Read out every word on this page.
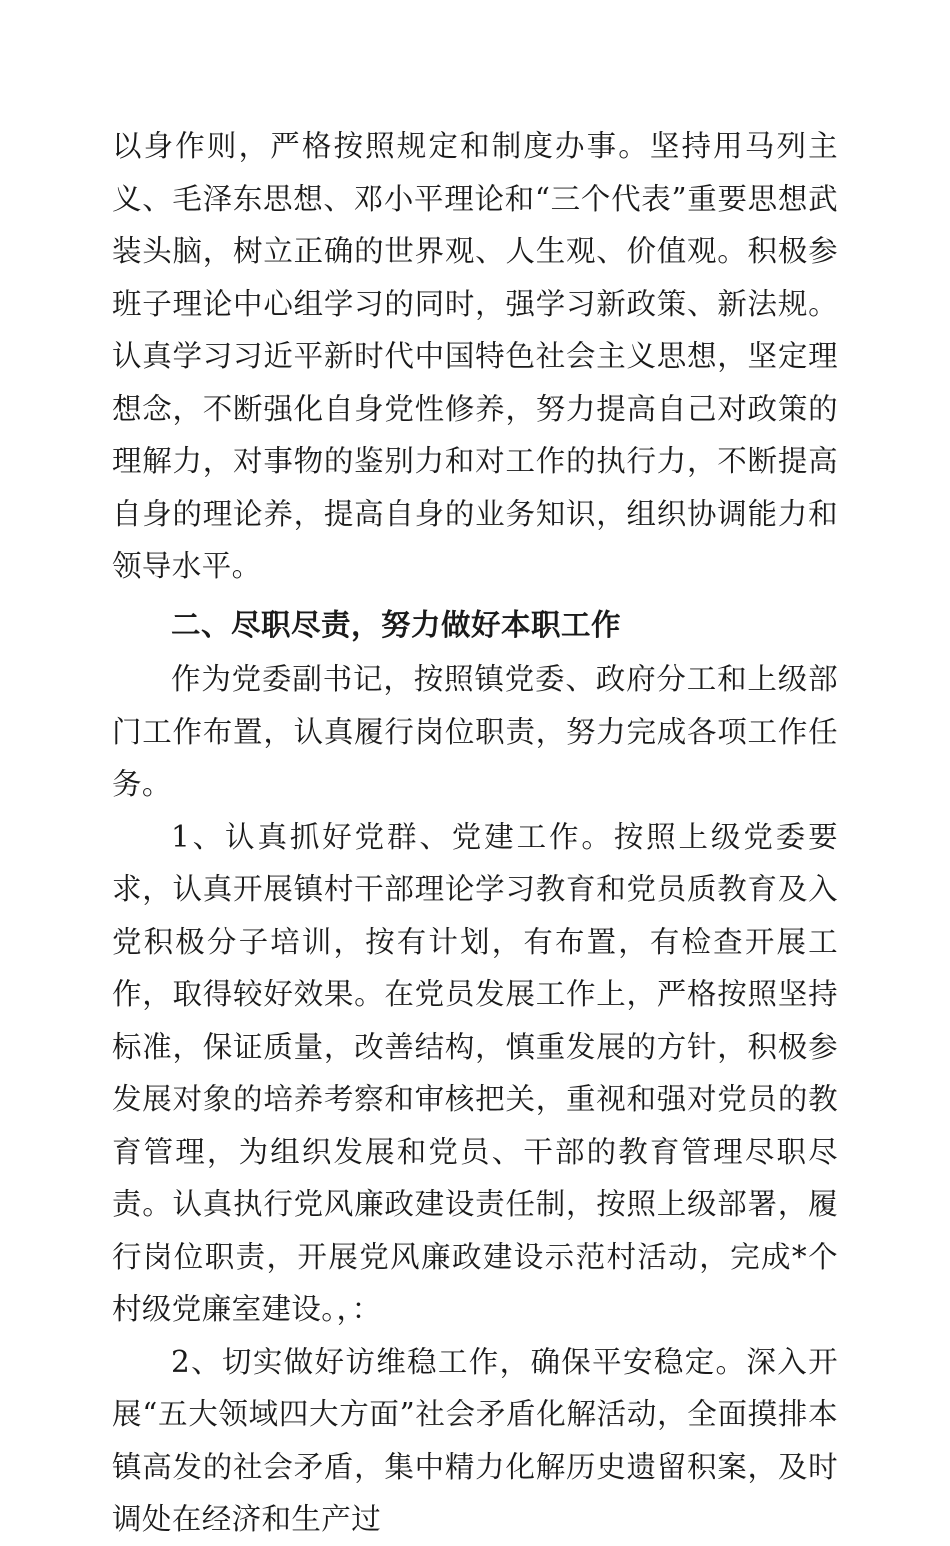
以身作则，严格按照规定和制度办事。坚持用马列主义、毛泽东思想、邓小平理论和“三个代表”重要思想武装头脑，树立正确的世界观、人生观、价值观。积极参班子理论中心组学习的同时，强学习新政策、新法规。认真学习习近平新时代中国特色社会主义思想，坚定理想念，不断强化自身党性修养，努力提高自己对政策的理解力，对事物的鉴别力和对工作的执行力，不断提高自身的理论养，提高自身的业务知识，组织协调能力和领导水平。

二、尽职尽责，努力做好本职工作

作为党委副书记，按照镇党委、政府分工和上级部门工作布置，认真履行岗位职责，努力完成各项工作任务。

1、认真抓好党群、党建工作。按照上级党委要求，认真开展镇村干部理论学习教育和党员质教育及入党积极分子培训，按有计划，有布置，有检查开展工作，取得较好效果。在党员发展工作上，严格按照坚持标准，保证质量，改善结构，慎重发展的方针，积极参发展对象的培养考察和审核把关，重视和强对党员的教育管理，为组织发展和党员、干部的教育管理尽职尽责。认真执行党风廉政建设责任制，按照上级部署，履行岗位职责，开展党风廉政建设示范村活动，完成*个村级党廉室建设。，：

2、切实做好访维稳工作，确保平安稳定。深入开展“五大领域四大方面”社会矛盾化解活动，全面摸排本镇高发的社会矛盾，集中精力化解历史遗留积案，及时调处在经济和生产过
